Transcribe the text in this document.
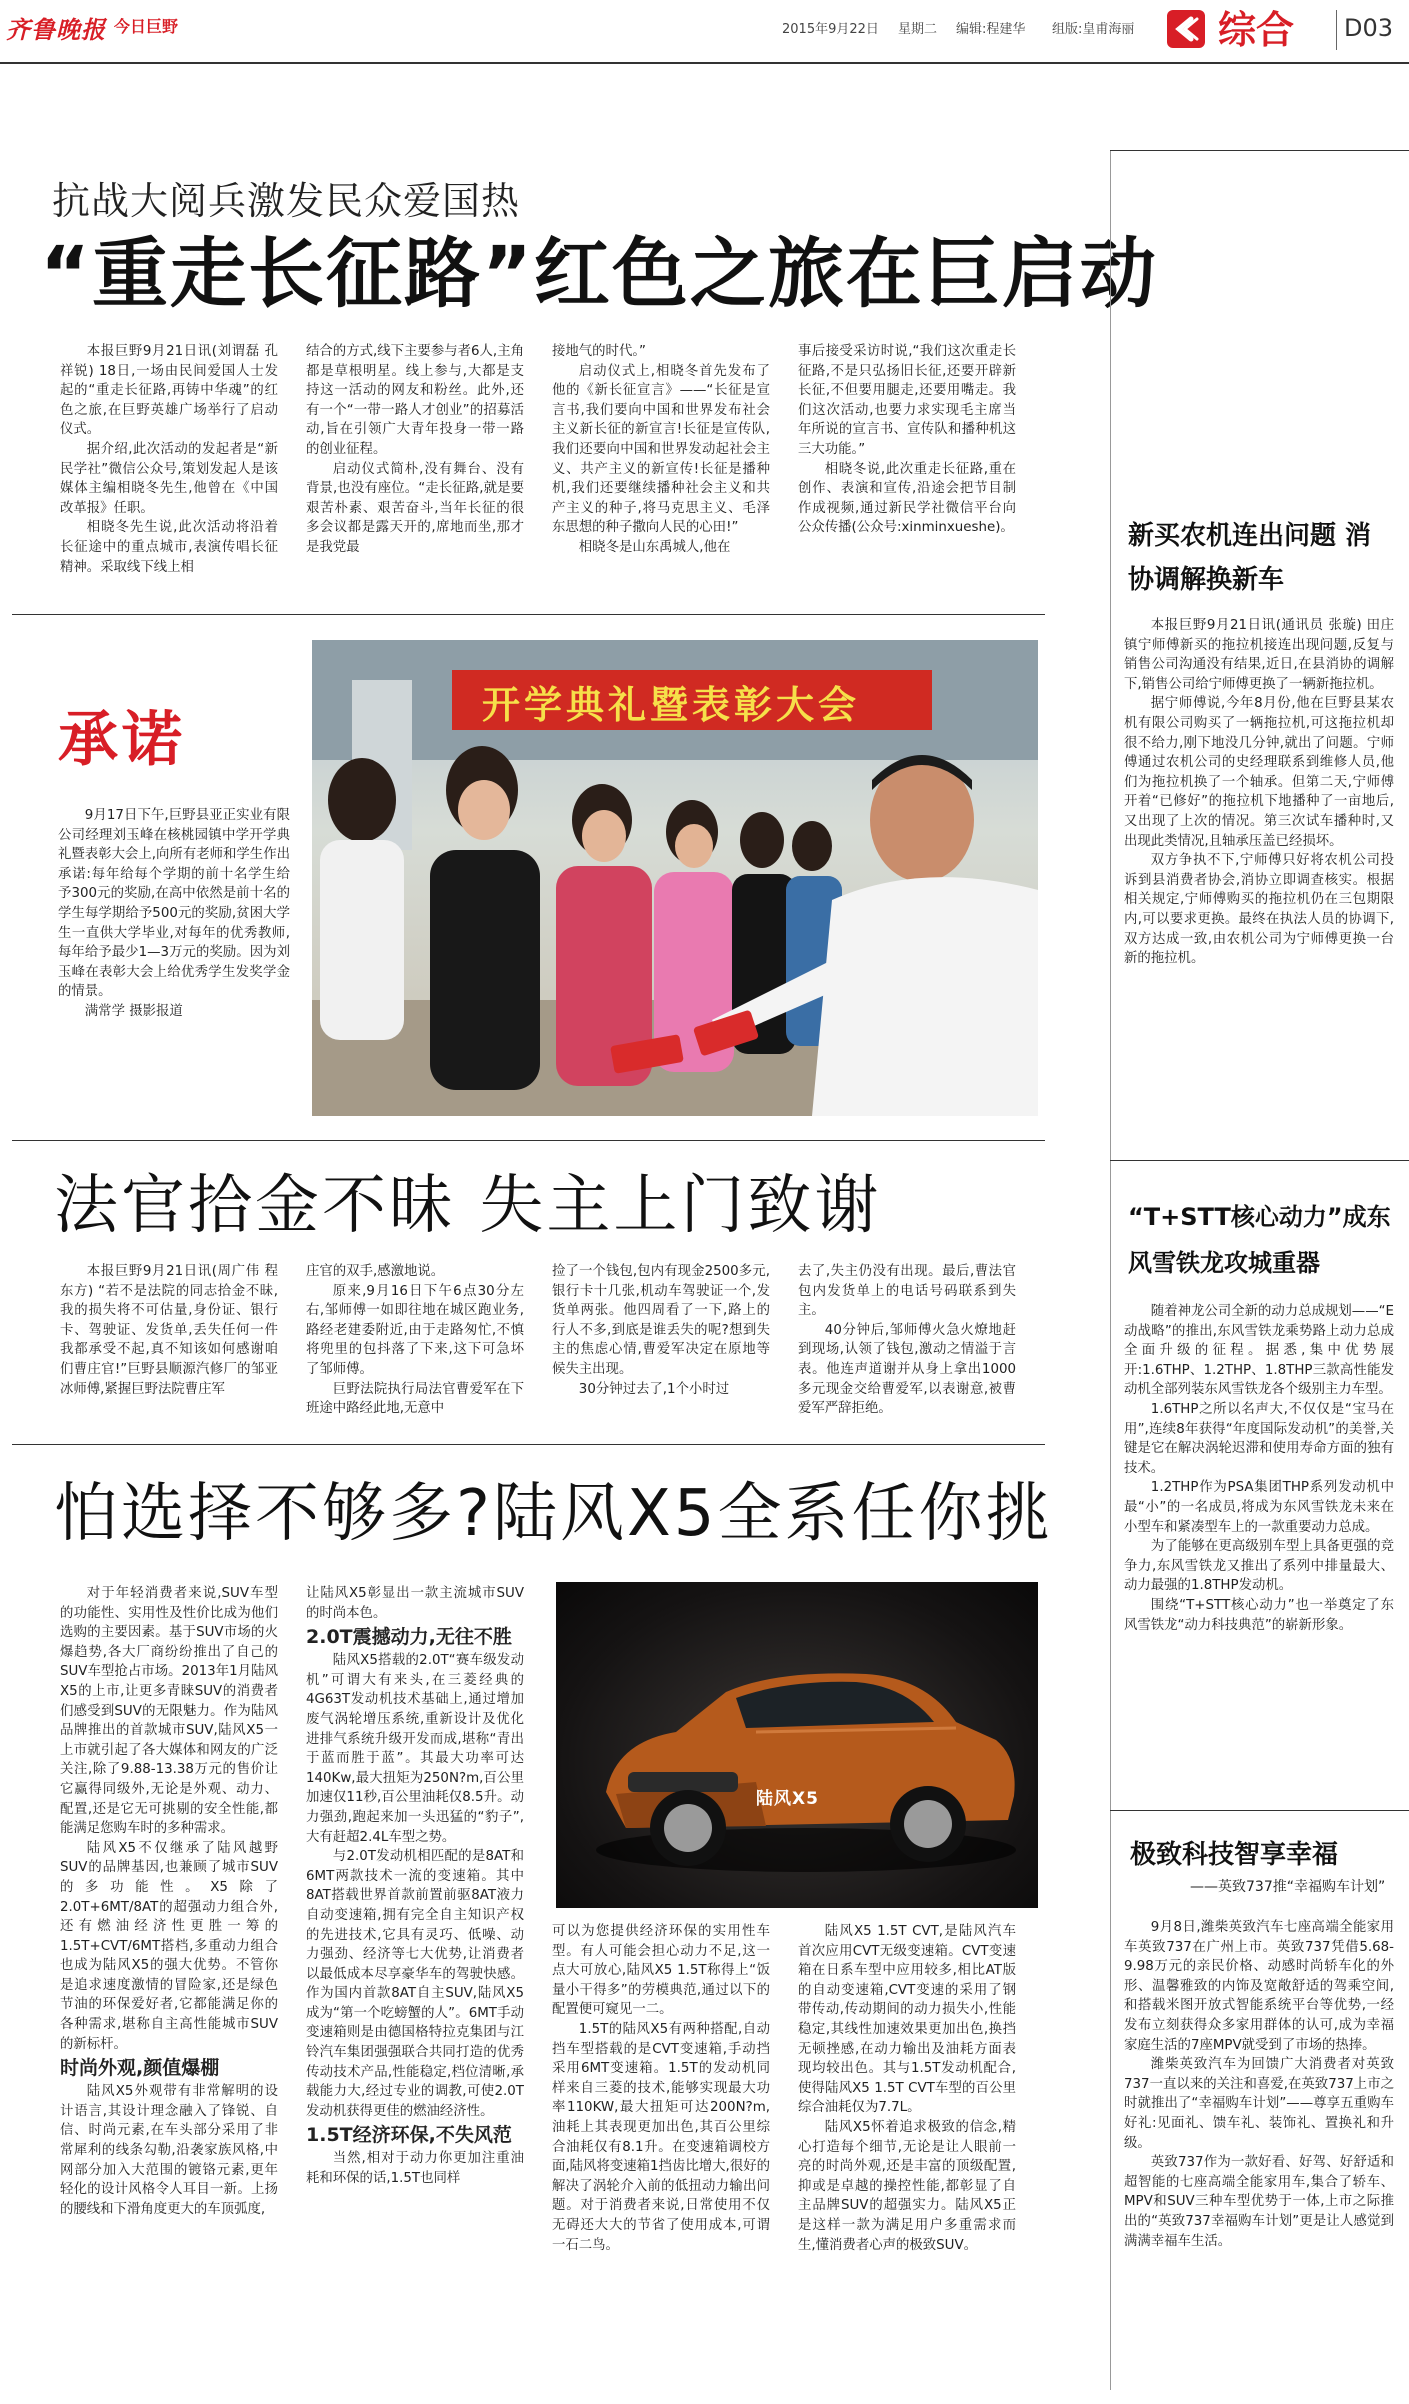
齐鲁晚报 今日巨野	2015年9月22日 星期二 编辑:程建华 组版:皇甫海丽 综合 D03
抗战大阅兵激发民众爱国热
“重走长征路”红色之旅在巨启动

本报巨野9月21日讯(刘谓磊 孔祥锐) 18日,一场由民间爱国人士发起的“重走长征路,再铸中华魂”的红色之旅,在巨野英雄广场举行了启动仪式。

据介绍,此次活动的发起者是“新民学社”微信公众号,策划发起人是该媒体主编相晓冬先生,他曾在《中国改革报》任职。

相晓冬先生说,此次活动将沿着长征途中的重点城市,表演传唱长征精神。采取线下线上相

结合的方式,线下主要参与者6人,主角都是草根明星。线上参与,大都是支持这一活动的网友和粉丝。此外,还有一个“一带一路人才创业”的招募活动,旨在引领广大青年投身一带一路的创业征程。

启动仪式简朴,没有舞台、没有背景,也没有座位。“走长征路,就是要艰苦朴素、艰苦奋斗,当年长征的很多会议都是露天开的,席地而坐,那才是我党最

接地气的时代。”

启动仪式上,相晓冬首先发布了他的《新长征宣言》——“长征是宣言书,我们要向中国和世界发布社会主义新长征的新宣言!长征是宣传队,我们还要向中国和世界发动起社会主义、共产主义的新宣传!长征是播种机,我们还要继续播种社会主义和共产主义的种子,将马克思主义、毛泽东思想的种子撒向人民的心田!”

相晓冬是山东禹城人,他在

事后接受采访时说,“我们这次重走长征路,不是只弘扬旧长征,还要开辟新长征,不但要用腿走,还要用嘴走。我们这次活动,也要力求实现毛主席当年所说的宣言书、宣传队和播种机这三大功能。”

相晓冬说,此次重走长征路,重在创作、表演和宣传,沿途会把节目制作成视频,通过新民学社微信平台向公众传播(公众号:xinminxueshe)。

承诺

9月17日下午,巨野县亚正实业有限公司经理刘玉峰在核桃园镇中学开学典礼暨表彰大会上,向所有老师和学生作出承诺:每年给每个学期的前十名学生给予300元的奖励,在高中依然是前十名的学生每学期给予500元的奖励,贫困大学生一直供大学毕业,对每年的优秀教师,每年给予最少1—3万元的奖励。因为刘玉峰在表彰大会上给优秀学生发奖学金的情景。

满常学 摄影报道

开学典礼暨表彰大会
法官拾金不昧 失主上门致谢

本报巨野9月21日讯(周广伟 程东方) “若不是法院的同志拾金不昧,我的损失将不可估量,身份证、银行卡、驾驶证、发货单,丢失任何一件我都承受不起,真不知该如何感谢咱们曹庄官!”巨野县顺源汽修厂的邹亚冰师傅,紧握巨野法院曹庄军

庄官的双手,感激地说。

原来,9月16日下午6点30分左右,邹师傅一如即往地在城区跑业务,路经老建委附近,由于走路匆忙,不慎将兜里的包抖落了下来,这下可急坏了邹师傅。

巨野法院执行局法官曹爱军在下班途中路经此地,无意中

捡了一个钱包,包内有现金2500多元,银行卡十几张,机动车驾驶证一个,发货单两张。他四周看了一下,路上的行人不多,到底是谁丢失的呢?想到失主的焦虑心情,曹爱军决定在原地等候失主出现。

30分钟过去了,1个小时过

去了,失主仍没有出现。最后,曹法官包内发货单上的电话号码联系到失主。

40分钟后,邹师傅火急火燎地赶到现场,认领了钱包,激动之情溢于言表。他连声道谢并从身上拿出1000多元现金交给曹爱军,以表谢意,被曹爱军严辞拒绝。

怕选择不够多?陆风X5全系任你挑

对于年轻消费者来说,SUV车型的功能性、实用性及性价比成为他们选购的主要因素。基于SUV市场的火爆趋势,各大厂商纷纷推出了自己的SUV车型抢占市场。2013年1月陆风X5的上市,让更多青睐SUV的消费者们感受到SUV的无限魅力。作为陆风品牌推出的首款城市SUV,陆风X5一上市就引起了各大媒体和网友的广泛关注,除了9.88-13.38万元的售价让它赢得同级外,无论是外观、动力、配置,还是它无可挑剔的安全性能,都能满足您购车时的多种需求。

陆风X5不仅继承了陆风越野SUV的品牌基因,也兼顾了城市SUV的多功能性。X5除了2.0T+6MT/8AT的超强动力组合外,还有燃油经济性更胜一筹的1.5T+CVT/6MT搭档,多重动力组合也成为陆风X5的强大优势。不管你是追求速度激情的冒险家,还是绿色节油的环保爱好者,它都能满足你的各种需求,堪称自主高性能城市SUV的新标杆。

时尚外观,颜值爆棚

陆风X5外观带有非常解明的设计语言,其设计理念融入了锋锐、自信、时尚元素,在车头部分采用了非常犀利的线条勾勒,沿袭家族风格,中网部分加入大范围的镀铬元素,更年轻化的设计风格令人耳目一新。上扬的腰线和下滑角度更大的车顶弧度,

让陆风X5彰显出一款主流城市SUV的时尚本色。

2.0T震撼动力,无往不胜

陆风X5搭载的2.0T“赛车级发动机”可谓大有来头,在三菱经典的4G63T发动机技术基础上,通过增加废气涡轮增压系统,重新设计及优化进排气系统升级开发而成,堪称“青出于蓝而胜于蓝”。其最大功率可达140Kw,最大扭矩为250N?m,百公里加速仅11秒,百公里油耗仅8.5升。动力强劲,跑起来加一头迅猛的“豹子”,大有赶超2.4L车型之势。

与2.0T发动机相匹配的是8AT和6MT两款技术一流的变速箱。其中8AT搭载世界首款前置前驱8AT液力自动变速箱,拥有完全自主知识产权的先进技术,它具有灵巧、低噪、动力强劲、经济等七大优势,让消费者以最低成本尽享豪华车的驾驶快感。作为国内首款8AT自主SUV,陆风X5成为“第一个吃螃蟹的人”。6MT手动变速箱则是由德国格特拉克集团与江铃汽车集团强强联合共同打造的优秀传动技术产品,性能稳定,档位清晰,承载能力大,经过专业的调教,可使2.0T发动机获得更佳的燃油经济性。

1.5T经济环保,不失风范

当然,相对于动力你更加注重油耗和环保的话,1.5T也同样

陆风X5

可以为您提供经济环保的实用性车型。有人可能会担心动力不足,这一点大可放心,陆风X5 1.5T称得上“饭量小干得多”的劳模典范,通过以下的配置便可窥见一二。

1.5T的陆风X5有两种搭配,自动挡车型搭载的是CVT变速箱,手动挡采用6MT变速箱。1.5T的发动机同样来自三菱的技术,能够实现最大功率110KW,最大扭矩可达200N?m,油耗上其表现更加出色,其百公里综合油耗仅有8.1升。在变速箱调校方面,陆风将变速箱1挡齿比增大,很好的解决了涡轮介入前的低扭动力输出问题。对于消费者来说,日常使用不仅无碍还大大的节省了使用成本,可谓一石二鸟。

陆风X5 1.5T CVT,是陆风汽车首次应用CVT无级变速箱。CVT变速箱在日系车型中应用较多,相比AT版的自动变速箱,CVT变速的采用了钢带传动,传动期间的动力损失小,性能稳定,其线性加速效果更加出色,换挡无顿挫感,在动力输出及油耗方面表现均较出色。其与1.5T发动机配合,使得陆风X5 1.5T CVT车型的百公里综合油耗仅为7.7L。

陆风X5怀着追求极致的信念,精心打造每个细节,无论是让人眼前一亮的时尚外观,还是丰富的顶级配置,抑或是卓越的操控性能,都彰显了自主品牌SUV的超强实力。陆风X5正是这样一款为满足用户多重需求而生,懂消费者心声的极致SUV。

新买农机连出问题 消协调解换新车

本报巨野9月21日讯(通讯员 张璇) 田庄镇宁师傅新买的拖拉机接连出现问题,反复与销售公司沟通没有结果,近日,在县消协的调解下,销售公司给宁师傅更换了一辆新拖拉机。

据宁师傅说,今年8月份,他在巨野县某农机有限公司购买了一辆拖拉机,可这拖拉机却很不给力,刚下地没几分钟,就出了问题。宁师傅通过农机公司的史经理联系到维修人员,他们为拖拉机换了一个轴承。但第二天,宁师傅开着“已修好”的拖拉机下地播种了一亩地后,又出现了上次的情况。第三次试车播种时,又出现此类情况,且轴承压盖已经损坏。

双方争执不下,宁师傅只好将农机公司投诉到县消费者协会,消协立即调查核实。根据相关规定,宁师傅购买的拖拉机仍在三包期限内,可以要求更换。最终在执法人员的协调下,双方达成一致,由农机公司为宁师傅更换一台新的拖拉机。

“T+STT核心动力”成东风雪铁龙攻城重器

随着神龙公司全新的动力总成规划——“E动战略”的推出,东风雪铁龙乘势路上动力总成全面升级的征程。据悉,集中优势展开:1.6THP、1.2THP、1.8THP三款高性能发动机全部列装东风雪铁龙各个级别主力车型。

1.6THP之所以名声大,不仅仅是“宝马在用”,连续8年获得“年度国际发动机”的美誉,关键是它在解决涡轮迟滞和使用寿命方面的独有技术。

1.2THP作为PSA集团THP系列发动机中最“小”的一名成员,将成为东风雪铁龙未来在小型车和紧凑型车上的一款重要动力总成。

为了能够在更高级别车型上具备更强的竞争力,东风雪铁龙又推出了系列中排量最大、动力最强的1.8THP发动机。

围绕“T+STT核心动力”也一举奠定了东风雪铁龙“动力科技典范”的崭新形象。

极致科技智享幸福
——英致737推“幸福购车计划”

9月8日,潍柴英致汽车七座高端全能家用车英致737在广州上市。英致737凭借5.68-9.98万元的亲民价格、动感时尚轿车化的外形、温馨雅致的内饰及宽敞舒适的驾乘空间,和搭载米图开放式智能系统平台等优势,一经发布立刻获得众多家用群体的认可,成为幸福家庭生活的7座MPV就受到了市场的热捧。

潍柴英致汽车为回馈广大消费者对英致737一直以来的关注和喜爱,在英致737上市之时就推出了“幸福购车计划”——尊享五重购车好礼:见面礼、馈车礼、装饰礼、置换礼和升级。

英致737作为一款好看、好驾、好舒适和超智能的七座高端全能家用车,集合了轿车、MPV和SUV三种车型优势于一体,上市之际推出的“英致737幸福购车计划”更是让人感觉到满满幸福车生活。
